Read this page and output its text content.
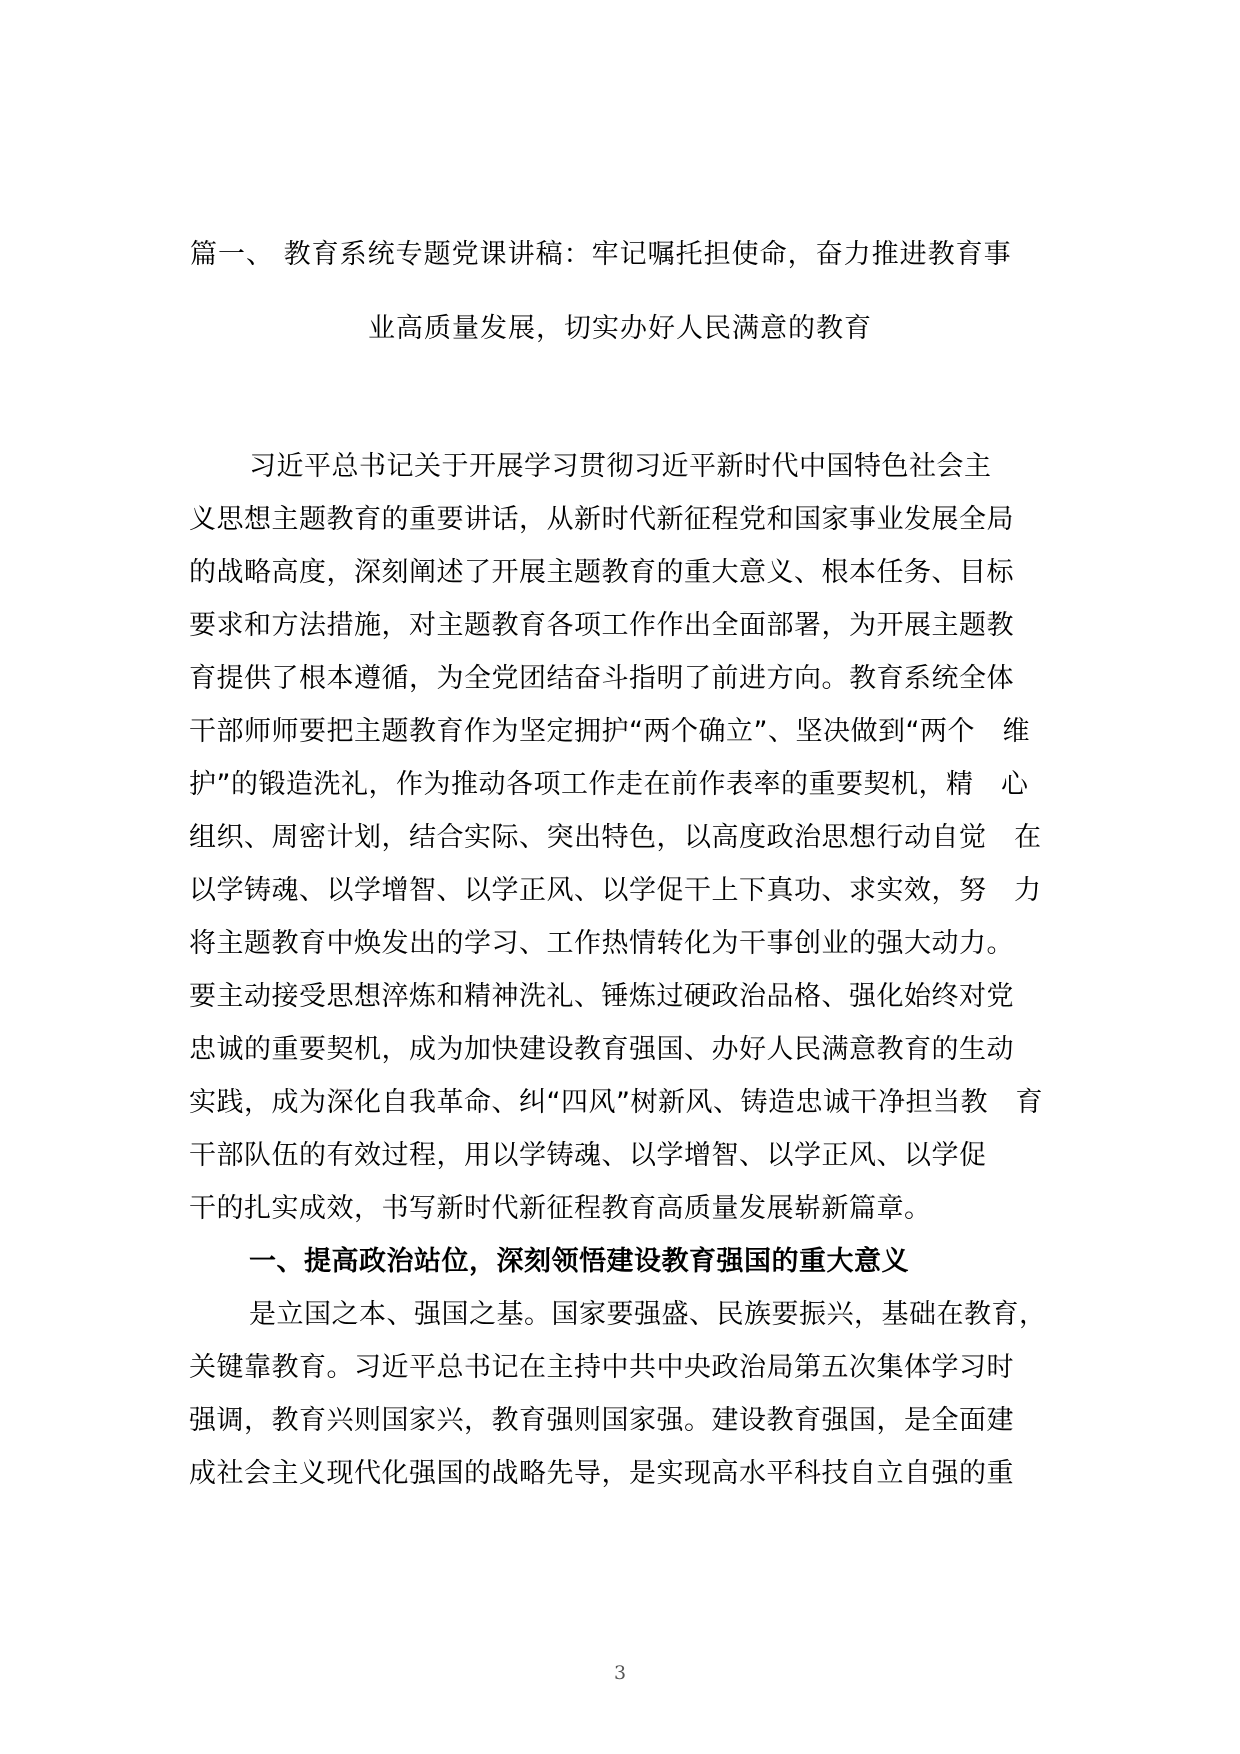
篇一、 教育系统专题党课讲稿：牢记嘱托担使命，奋力推进教育事
业高质量发展，切实办好人民满意的教育
习近平总书记关于开展学习贯彻习近平新时代中国特色社会主
义思想主题教育的重要讲话，从新时代新征程党和国家事业发展全局
的战略高度，深刻阐述了开展主题教育的重大意义、根本任务、目标
要求和方法措施，对主题教育各项工作作出全面部署，为开展主题教
育提供了根本遵循，为全党团结奋斗指明了前进方向。教育系统全体
干部师师要把主题教育作为坚定拥护“两个确立”、坚决做到“两个　维
护”的锻造洗礼，作为推动各项工作走在前作表率的重要契机，精　心
组织、周密计划，结合实际、突出特色，以高度政治思想行动自觉　在
以学铸魂、以学增智、以学正风、以学促干上下真功、求实效，努　力
将主题教育中焕发出的学习、工作热情转化为干事创业的强大动力。
要主动接受思想淬炼和精神洗礼、锤炼过硬政治品格、强化始终对党
忠诚的重要契机，成为加快建设教育强国、办好人民满意教育的生动
实践，成为深化自我革命、纠“四风”树新风、铸造忠诚干净担当教　育
干部队伍的有效过程，用以学铸魂、以学增智、以学正风、以学促
干的扎实成效，书写新时代新征程教育高质量发展崭新篇章。
一、提高政治站位，深刻领悟建设教育强国的重大意义
是立国之本、强国之基。国家要强盛、民族要振兴，基础在教育，
关键靠教育。习近平总书记在主持中共中央政治局第五次集体学习时
强调，教育兴则国家兴，教育强则国家强。建设教育强国，是全面建
成社会主义现代化强国的战略先导，是实现高水平科技自立自强的重
3
